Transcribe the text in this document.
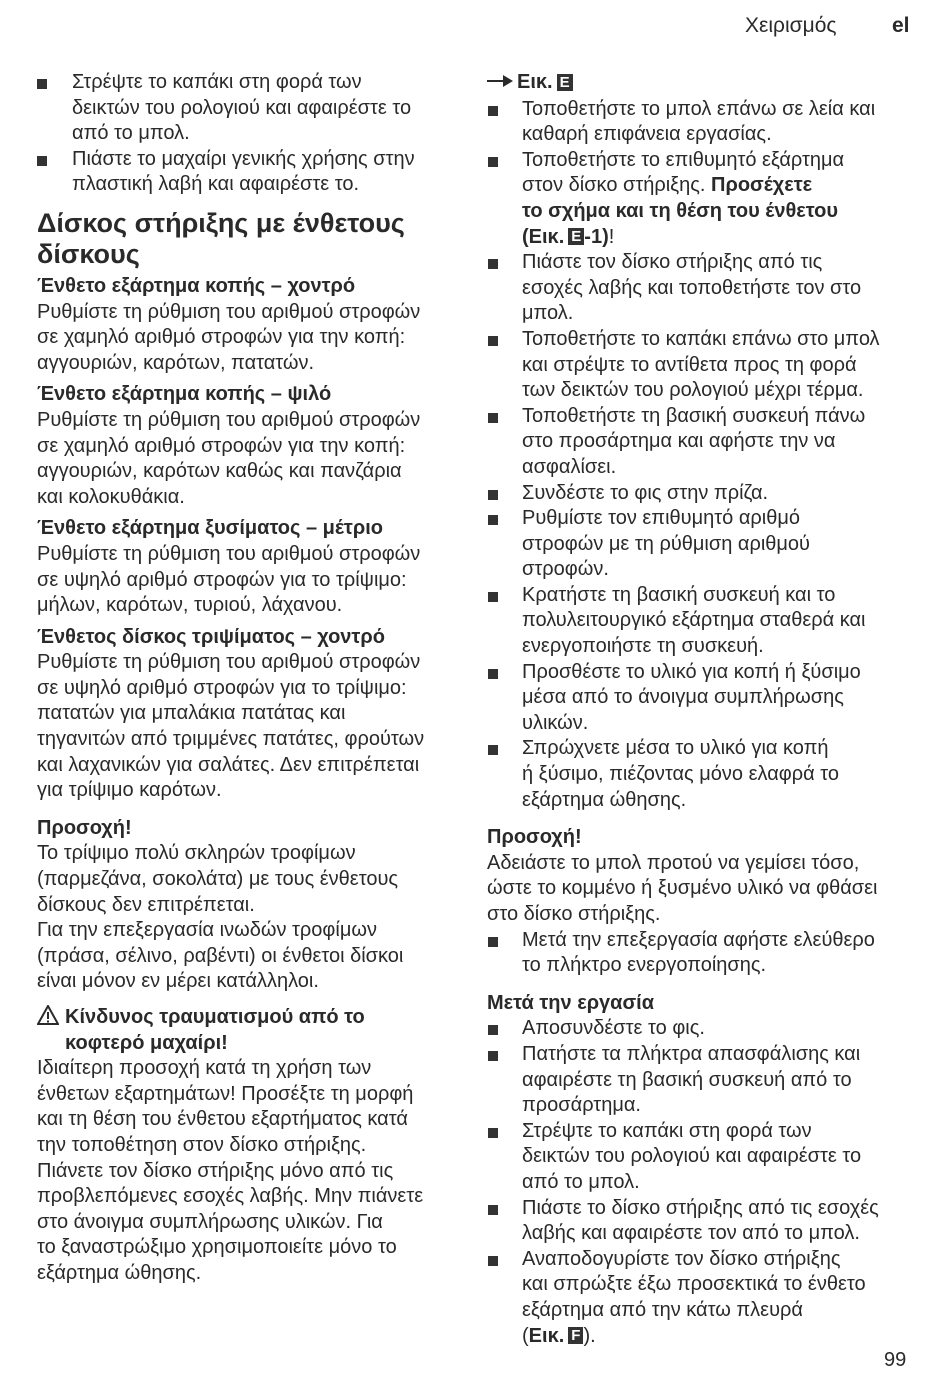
Χειρισμός	el
Στρέψτε το καπάκι στη φορά των
δεικτών του ρολογιού και αφαιρέστε το
από το μπολ.
Πιάστε το μαχαίρι γενικής χρήσης στην
πλαστική λαβή και αφαιρέστε το.
Δίσκος στήριξης με ένθετους
δίσκους
Ένθετο εξάρτημα κοπής – χοντρό
Ρυθμίστε τη ρύθμιση του αριθμού στροφών
σε χαμηλό αριθμό στροφών για την κοπή:
αγγουριών, καρότων, πατατών.
Ένθετο εξάρτημα κοπής – ψιλό
Ρυθμίστε τη ρύθμιση του αριθμού στροφών
σε χαμηλό αριθμό στροφών για την κοπή:
αγγουριών, καρότων καθώς και πανζάρια
και κολοκυθάκια.
Ένθετο εξάρτημα ξυσίματος – μέτριο
Ρυθμίστε τη ρύθμιση του αριθμού στροφών
σε υψηλό αριθμό στροφών για το τρίψιμο:
μήλων, καρότων, τυριού, λάχανου.
Ένθετος δίσκος τριψίματος – χοντρό
Ρυθμίστε τη ρύθμιση του αριθμού στροφών
σε υψηλό αριθμό στροφών για το τρίψιμο:
πατατών για μπαλάκια πατάτας και
τηγανιτών από τριμμένες πατάτες, φρούτων
και λαχανικών για σαλάτες. Δεν επιτρέπεται
για τρίψιμο καρότων.
Προσοχή!
Το τρίψιμο πολύ σκληρών τροφίμων
(παρμεζάνα, σοκολάτα) με τους ένθετους
δίσκους δεν επιτρέπεται.
Για την επεξεργασία ινωδών τροφίμων
(πράσα, σέλινο, ραβέντι) οι ένθετοι δίσκοι
είναι μόνον εν μέρει κατάλληλοι.
Κίνδυνος τραυματισμού από το
κοφτερό μαχαίρι!
Ιδιαίτερη προσοχή κατά τη χρήση των
ένθετων εξαρτημάτων! Προσέξτε τη μορφή
και τη θέση του ένθετου εξαρτήματος κατά
την τοποθέτηση στον δίσκο στήριξης.
Πιάνετε τον δίσκο στήριξης μόνο από τις
προβλεπόμενες εσοχές λαβής. Μην πιάνετε
στο άνοιγμα συμπλήρωσης υλικών. Για
το ξαναστρώξιμο χρησιμοποιείτε μόνο το
εξάρτημα ώθησης.
Εικ. E
Τοποθετήστε το μπολ επάνω σε λεία και
καθαρή επιφάνεια εργασίας.
Τοποθετήστε το επιθυμητό εξάρτημα
στον δίσκο στήριξης. Προσέχετε
το σχήμα και τη θέση του ένθετου
(Εικ. E -1)!
Πιάστε τον δίσκο στήριξης από τις
εσοχές λαβής και τοποθετήστε τον στο
μπολ.
Τοποθετήστε το καπάκι επάνω στο μπολ
και στρέψτε το αντίθετα προς τη φορά
των δεικτών του ρολογιού μέχρι τέρμα.
Τοποθετήστε τη βασική συσκευή πάνω
στο προσάρτημα και αφήστε την να
ασφαλίσει.
Συνδέστε το φις στην πρίζα.
Ρυθμίστε τον επιθυμητό αριθμό
στροφών με τη ρύθμιση αριθμού
στροφών.
Κρατήστε τη βασική συσκευή και το
πολυλειτουργικό εξάρτημα σταθερά και
ενεργοποιήστε τη συσκευή.
Προσθέστε το υλικό για κοπή ή ξύσιμο
μέσα από το άνοιγμα συμπλήρωσης
υλικών.
Σπρώχνετε μέσα το υλικό για κοπή
ή ξύσιμο, πιέζοντας μόνο ελαφρά το
εξάρτημα ώθησης.
Προσοχή!
Αδειάστε το μπολ προτού να γεμίσει τόσο,
ώστε το κομμένο ή ξυσμένο υλικό να φθάσει
στο δίσκο στήριξης.
Μετά την επεξεργασία αφήστε ελεύθερο
το πλήκτρο ενεργοποίησης.
Μετά την εργασία
Αποσυνδέστε το φις.
Πατήστε τα πλήκτρα απασφάλισης και
αφαιρέστε τη βασική συσκευή από το
προσάρτημα.
Στρέψτε το καπάκι στη φορά των
δεικτών του ρολογιού και αφαιρέστε το
από το μπολ.
Πιάστε το δίσκο στήριξης από τις εσοχές
λαβής και αφαιρέστε τον από το μπολ.
Αναποδογυρίστε τον δίσκο στήριξης
και σπρώξτε έξω προσεκτικά το ένθετο
εξάρτημα από την κάτω πλευρά
(Εικ. F ).
99
